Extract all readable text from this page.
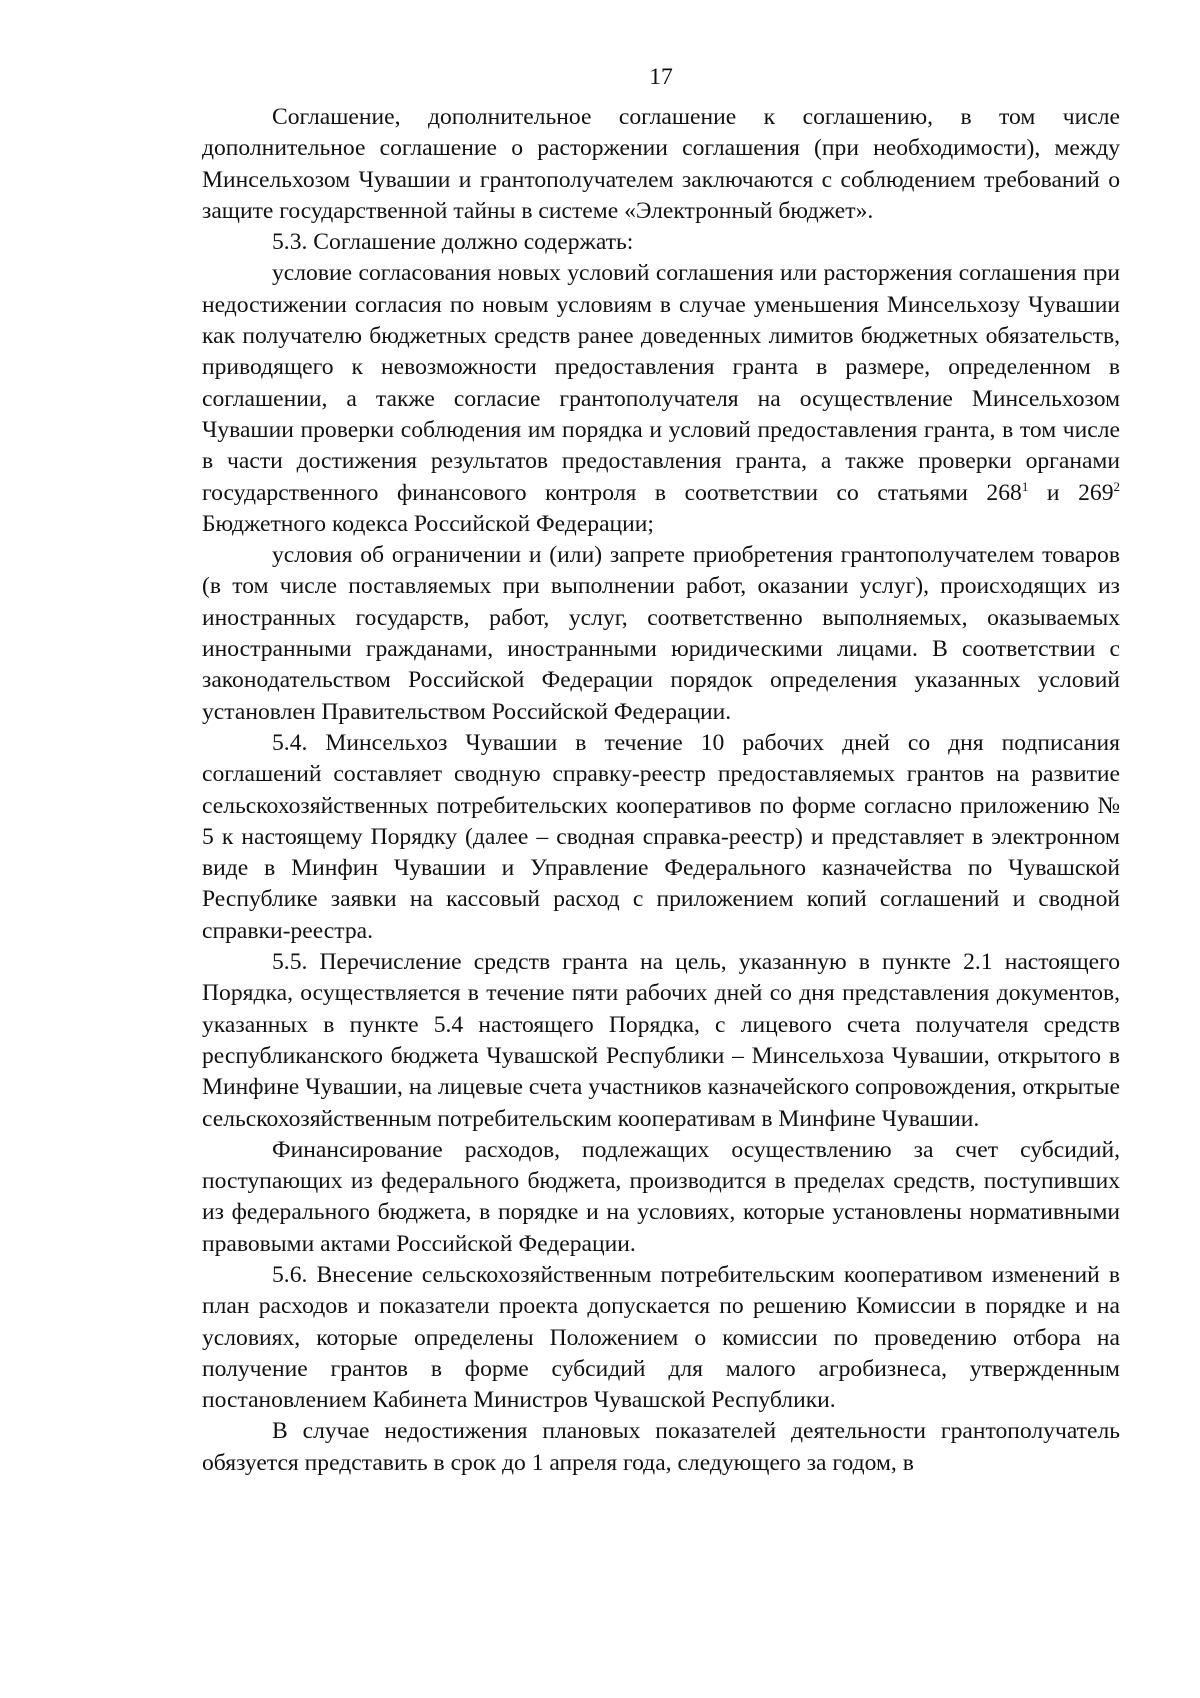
17

Соглашение, дополнительное соглашение к соглашению, в том числе дополнительное соглашение о расторжении соглашения (при необходимости), между Минсельхозом Чувашии и грантополучателем заключаются с соблюдением требований о защите государственной тайны в системе «Электронный бюджет».

5.3. Соглашение должно содержать:

условие согласования новых условий соглашения или расторжения соглашения при недостижении согласия по новым условиям в случае уменьшения Минсельхозу Чувашии как получателю бюджетных средств ранее доведенных лимитов бюджетных обязательств, приводящего к невозможности предоставления гранта в размере, определенном в соглашении, а также согласие грантополучателя на осуществление Минсельхозом Чувашии проверки соблюдения им порядка и условий предоставления гранта, в том числе в части достижения результатов предоставления гранта, а также проверки органами государственного финансового контроля в соответствии со статьями $268^1$ и $269^2$ Бюджетного кодекса Российской Федерации;

условия об ограничении и (или) запрете приобретения грантополучателем товаров (в том числе поставляемых при выполнении работ, оказании услуг), происходящих из иностранных государств, работ, услуг, соответственно выполняемых, оказываемых иностранными гражданами, иностранными юридическими лицами. В соответствии с законодательством Российской Федерации порядок определения указанных условий установлен Правительством Российской Федерации.

5.4. Минсельхоз Чувашии в течение 10 рабочих дней со дня подписания соглашений составляет сводную справку-реестр предоставляемых грантов на развитие сельскохозяйственных потребительских кооперативов по форме согласно приложению № 5 к настоящему Порядку (далее – сводная справка-реестр) и представляет в электронном виде в Минфин Чувашии и Управление Федерального казначейства по Чувашской Республике заявки на кассовый расход с приложением копий соглашений и сводной справки-реестра.

5.5. Перечисление средств гранта на цель, указанную в пункте 2.1 настоящего Порядка, осуществляется в течение пяти рабочих дней со дня представления документов, указанных в пункте 5.4 настоящего Порядка, с лицевого счета получателя средств республиканского бюджета Чувашской Республики – Минсельхоза Чувашии, открытого в Минфине Чувашии, на лицевые счета участников казначейского сопровождения, открытые сельскохозяйственным потребительским кооперативам в Минфине Чувашии.

Финансирование расходов, подлежащих осуществлению за счет субсидий, поступающих из федерального бюджета, производится в пределах средств, поступивших из федерального бюджета, в порядке и на условиях, которые установлены нормативными правовыми актами Российской Федерации.

5.6. Внесение сельскохозяйственным потребительским кооперативом изменений в план расходов и показатели проекта допускается по решению Комиссии в порядке и на условиях, которые определены Положением о комиссии по проведению отбора на получение грантов в форме субсидий для малого агробизнеса, утвержденным постановлением Кабинета Министров Чувашской Республики.

В случае недостижения плановых показателей деятельности грантополучатель обязуется представить в срок до 1 апреля года, следующего за годом, в
